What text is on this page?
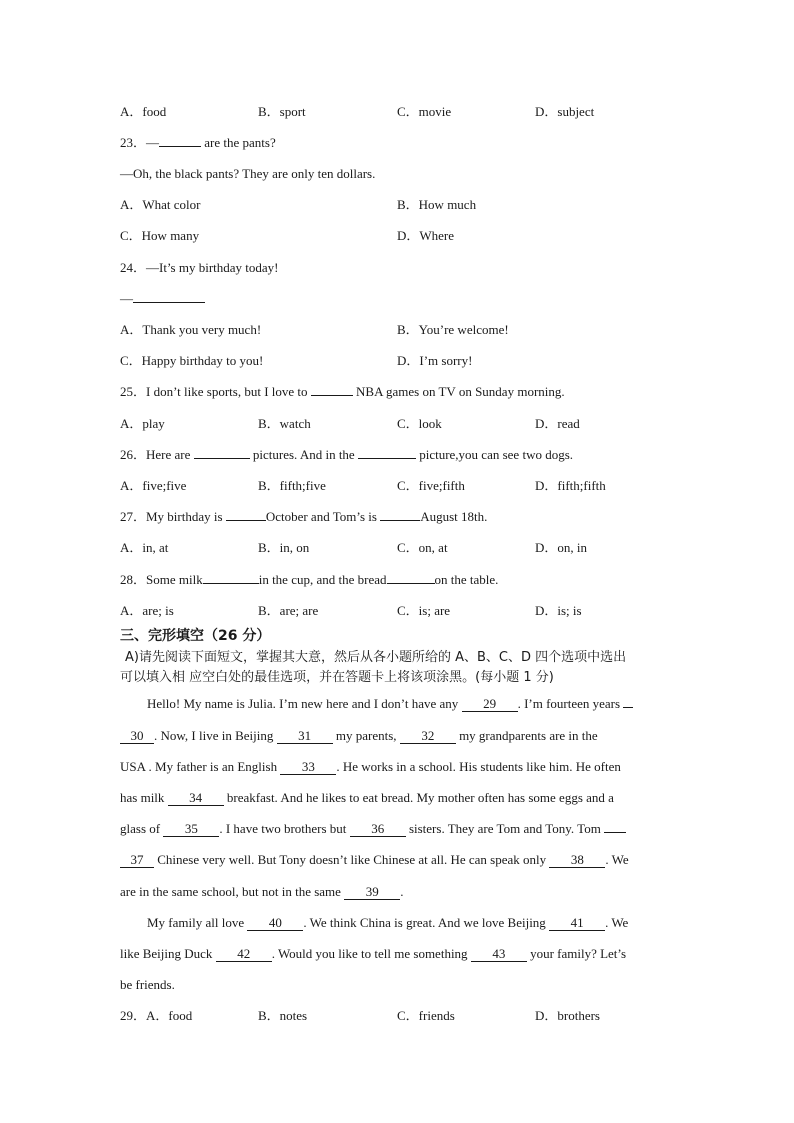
A．food	B．sport	C．movie	D．subject
23．—	are the pants?
—Oh, the black pants? They are only ten dollars.
A．What color	B．How much
C．How many	D．Where
24．—It’s my birthday today!
—
A．Thank you very much!	B．You’re welcome!
C．Happy birthday to you!	D．I’m sorry!
25．I don’t like sports, but I love to	NBA games on TV on Sunday morning.
A．play	B．watch	C．look	D．read
26．Here are	pictures. And in the	picture,you can see two dogs.
A．five;five	B．fifth;five	C．five;fifth	D．fifth;fifth
27．My birthday is	October and Tom’s is	August 18th.
A．in, at	B．in, on	C．on, at	D．on, in
28．Some milk	in the cup, and the bread	on the table.
A．are; is	B．are; are	C．is; are	D．is; is
三、完形填空（26 分）
A)请先阅读下面短文，掌握其大意，然后从各小题所给的 A、B、C、D 四个选项中选出
可以填入相 应空白处的最佳选项，并在答题卡上将该项涂黑。(每小题 1 分)
Hello! My name is Julia. I’m new here and I don’t have any 29 . I’m fourteen years
30 . Now, I live in Beijing 31 my parents, 32 my grandparents are in the
USA . My father is an English 33 . He works in a school. His students like him. He often
has milk 34 breakfast. And he likes to eat bread. My mother often has some eggs and a
glass of 35 . I have two brothers but 36 sisters. They are Tom and Tony. Tom
37 Chinese very well. But Tony doesn’t like Chinese at all. He can speak only 38 . We
are in the same school, but not in the same 39 .
My family all love 40 . We think China is great. And we love Beijing 41 . We
like Beijing Duck 42 . Would you like to tell me something 43 your family? Let’s
be friends.
29．A．food	B．notes	C．friends	D．brothers
